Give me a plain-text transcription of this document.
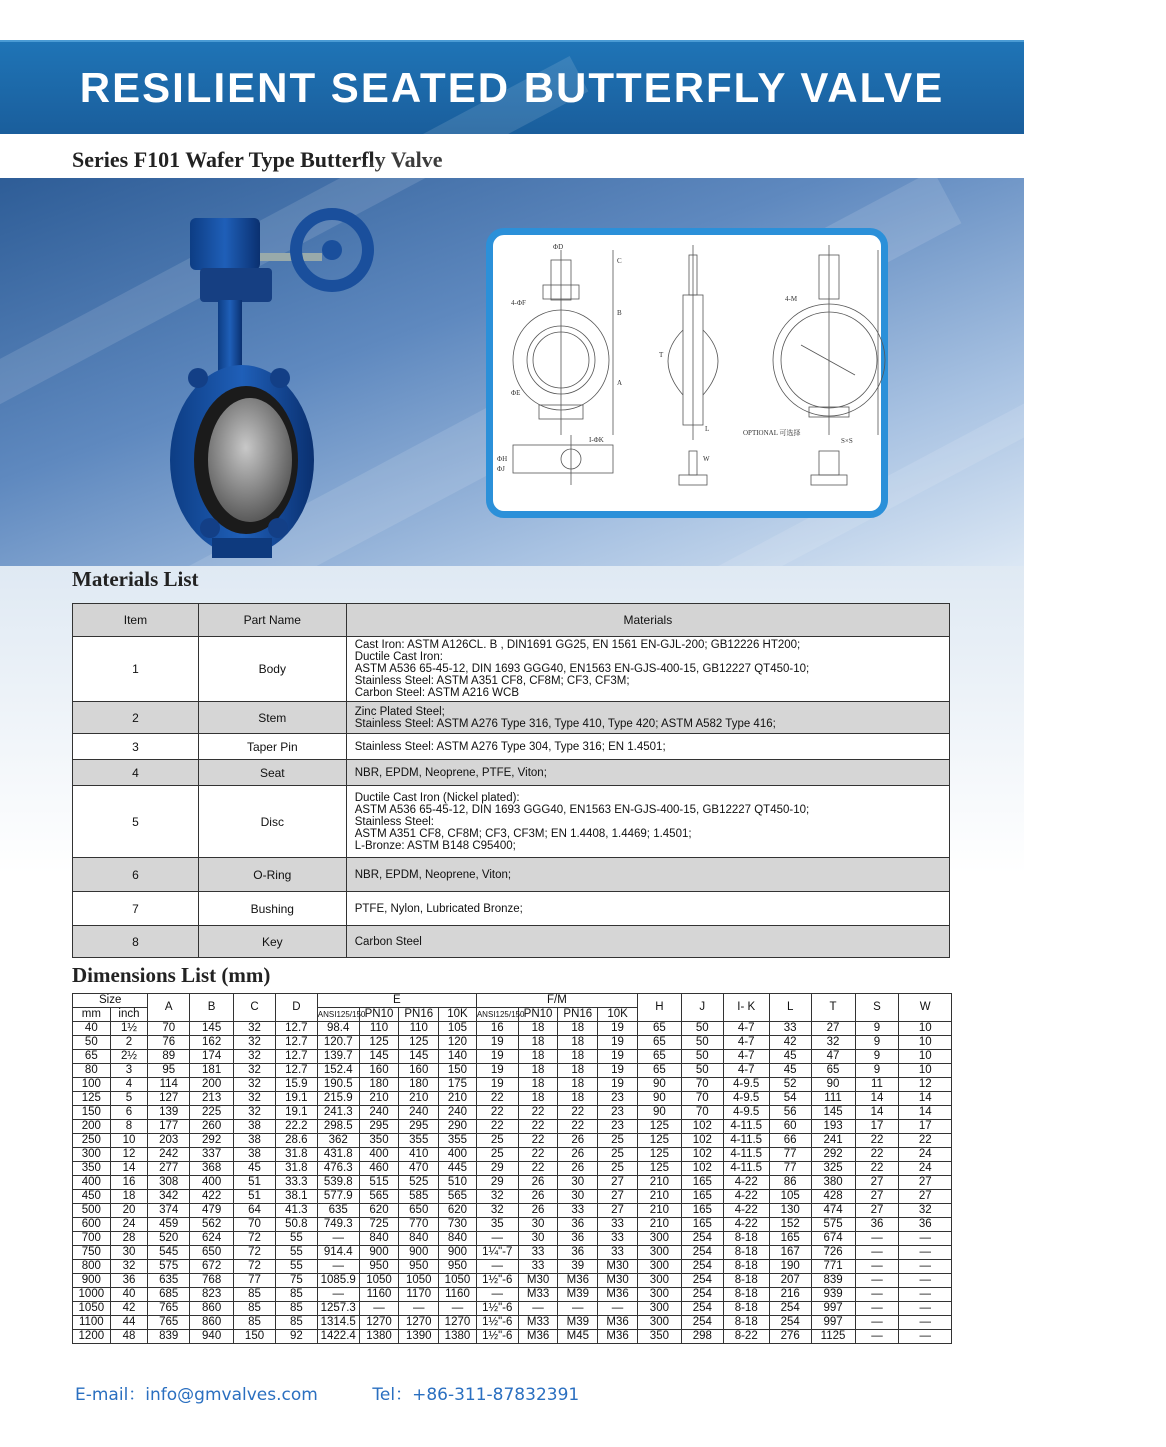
RESILIENT SEATED BUTTERFLY VALVE

Series F101 Wafer Type Butterfly Valve

ΦD
C
4-ΦF
B
ΦE
A
T
L
4-M
OPTIONAL 可选择
I-ΦK
ΦH
ΦJ
W
S×S

Materials List

Item	Part Name	Materials
1	Body	Cast Iron: ASTM A126CL. B , DIN1691 GG25, EN 1561 EN-GJL-200; GB12226 HT200;
Ductile Cast Iron:
ASTM A536 65-45-12, DIN 1693 GGG40, EN1563 EN-GJS-400-15, GB12227 QT450-10;
Stainless Steel: ASTM A351 CF8, CF8M; CF3, CF3M;
Carbon Steel: ASTM A216 WCB
2	Stem	Zinc Plated Steel;
Stainless Steel: ASTM A276 Type 316, Type 410, Type 420; ASTM A582 Type 416;
3	Taper Pin	Stainless Steel: ASTM A276 Type 304, Type 316; EN 1.4501;
4	Seat	NBR, EPDM, Neoprene, PTFE, Viton;
5	Disc	Ductile Cast Iron (Nickel plated):
ASTM A536 65-45-12, DIN 1693 GGG40, EN1563 EN-GJS-400-15, GB12227 QT450-10;
Stainless Steel:
ASTM A351 CF8, CF8M; CF3, CF3M; EN 1.4408, 1.4469; 1.4501;
L-Bronze: ASTM B148 C95400;
6	O-Ring	NBR, EPDM, Neoprene, Viton;
7	Bushing	PTFE, Nylon, Lubricated Bronze;
8	Key	Carbon Steel

Dimensions List (mm)

Size		A	B	C	D	E				F/M				H	J	I- K	L	T	S	W
mm	inch					ANSI125/150	PN10	PN16	10K	ANSI125/150	PN10	PN16	10K							
40	1½	70	145	32	12.7	98.4	110	110	105	16	18	18	19	65	50	4-7	33	27	9	10
50	2	76	162	32	12.7	120.7	125	125	120	19	18	18	19	65	50	4-7	42	32	9	10
65	2½	89	174	32	12.7	139.7	145	145	140	19	18	18	19	65	50	4-7	45	47	9	10
80	3	95	181	32	12.7	152.4	160	160	150	19	18	18	19	65	50	4-7	45	65	9	10
100	4	114	200	32	15.9	190.5	180	180	175	19	18	18	19	90	70	4-9.5	52	90	11	12
125	5	127	213	32	19.1	215.9	210	210	210	22	18	18	23	90	70	4-9.5	54	111	14	14
150	6	139	225	32	19.1	241.3	240	240	240	22	22	22	23	90	70	4-9.5	56	145	14	14
200	8	177	260	38	22.2	298.5	295	295	290	22	22	22	23	125	102	4-11.5	60	193	17	17
250	10	203	292	38	28.6	362	350	355	355	25	22	26	25	125	102	4-11.5	66	241	22	22
300	12	242	337	38	31.8	431.8	400	410	400	25	22	26	25	125	102	4-11.5	77	292	22	24
350	14	277	368	45	31.8	476.3	460	470	445	29	22	26	25	125	102	4-11.5	77	325	22	24
400	16	308	400	51	33.3	539.8	515	525	510	29	26	30	27	210	165	4-22	86	380	27	27
450	18	342	422	51	38.1	577.9	565	585	565	32	26	30	27	210	165	4-22	105	428	27	27
500	20	374	479	64	41.3	635	620	650	620	32	26	33	27	210	165	4-22	130	474	27	32
600	24	459	562	70	50.8	749.3	725	770	730	35	30	36	33	210	165	4-22	152	575	36	36
700	28	520	624	72	55	—	840	840	840	—	30	36	33	300	254	8-18	165	674	—	—
750	30	545	650	72	55	914.4	900	900	900	1¼"-7	33	36	33	300	254	8-18	167	726	—	—
800	32	575	672	72	55	—	950	950	950	—	33	39	M30	300	254	8-18	190	771	—	—
900	36	635	768	77	75	1085.9	1050	1050	1050	1½"-6	M30	M36	M30	300	254	8-18	207	839	—	—
1000	40	685	823	85	85	—	1160	1170	1160	—	M33	M39	M36	300	254	8-18	216	939	—	—
1050	42	765	860	85	85	1257.3	—	—	—	1½"-6	—	—	—	300	254	8-18	254	997	—	—
1100	44	765	860	85	85	1314.5	1270	1270	1270	1½"-6	M33	M39	M36	300	254	8-18	254	997	—	—
1200	48	839	940	150	92	1422.4	1380	1390	1380	1½"-6	M36	M45	M36	350	298	8-22	276	1125	—	—
E-mail：info@gmvalves.com	Tel：+86-311-87832391
